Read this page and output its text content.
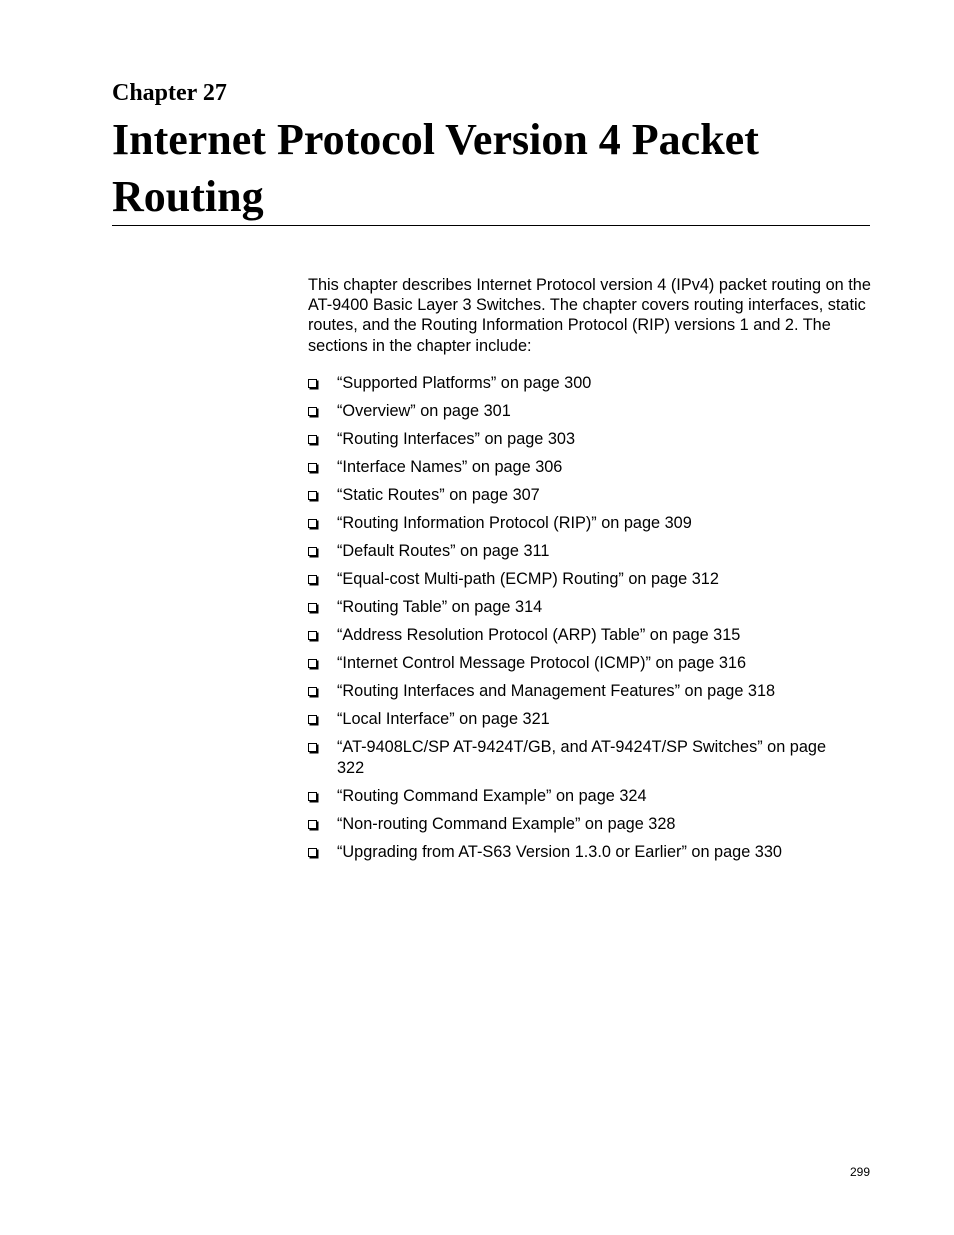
Chapter 27
Internet Protocol Version 4 Packet Routing

This chapter describes Internet Protocol version 4 (IPv4) packet routing on the AT-9400 Basic Layer 3 Switches. The chapter covers routing interfaces, static routes, and the Routing Information Protocol (RIP) versions 1 and 2. The sections in the chapter include:

“Supported Platforms” on page 300
“Overview” on page 301
“Routing Interfaces” on page 303
“Interface Names” on page 306
“Static Routes” on page 307
“Routing Information Protocol (RIP)” on page 309
“Default Routes” on page 311
“Equal-cost Multi-path (ECMP) Routing” on page 312
“Routing Table” on page 314
“Address Resolution Protocol (ARP) Table” on page 315
“Internet Control Message Protocol (ICMP)” on page 316
“Routing Interfaces and Management Features” on page 318
“Local Interface” on page 321
“AT-9408LC/SP AT-9424T/GB, and AT-9424T/SP Switches” on page 322
“Routing Command Example” on page 324
“Non-routing Command Example” on page 328
“Upgrading from AT-S63 Version 1.3.0 or Earlier” on page 330
299
